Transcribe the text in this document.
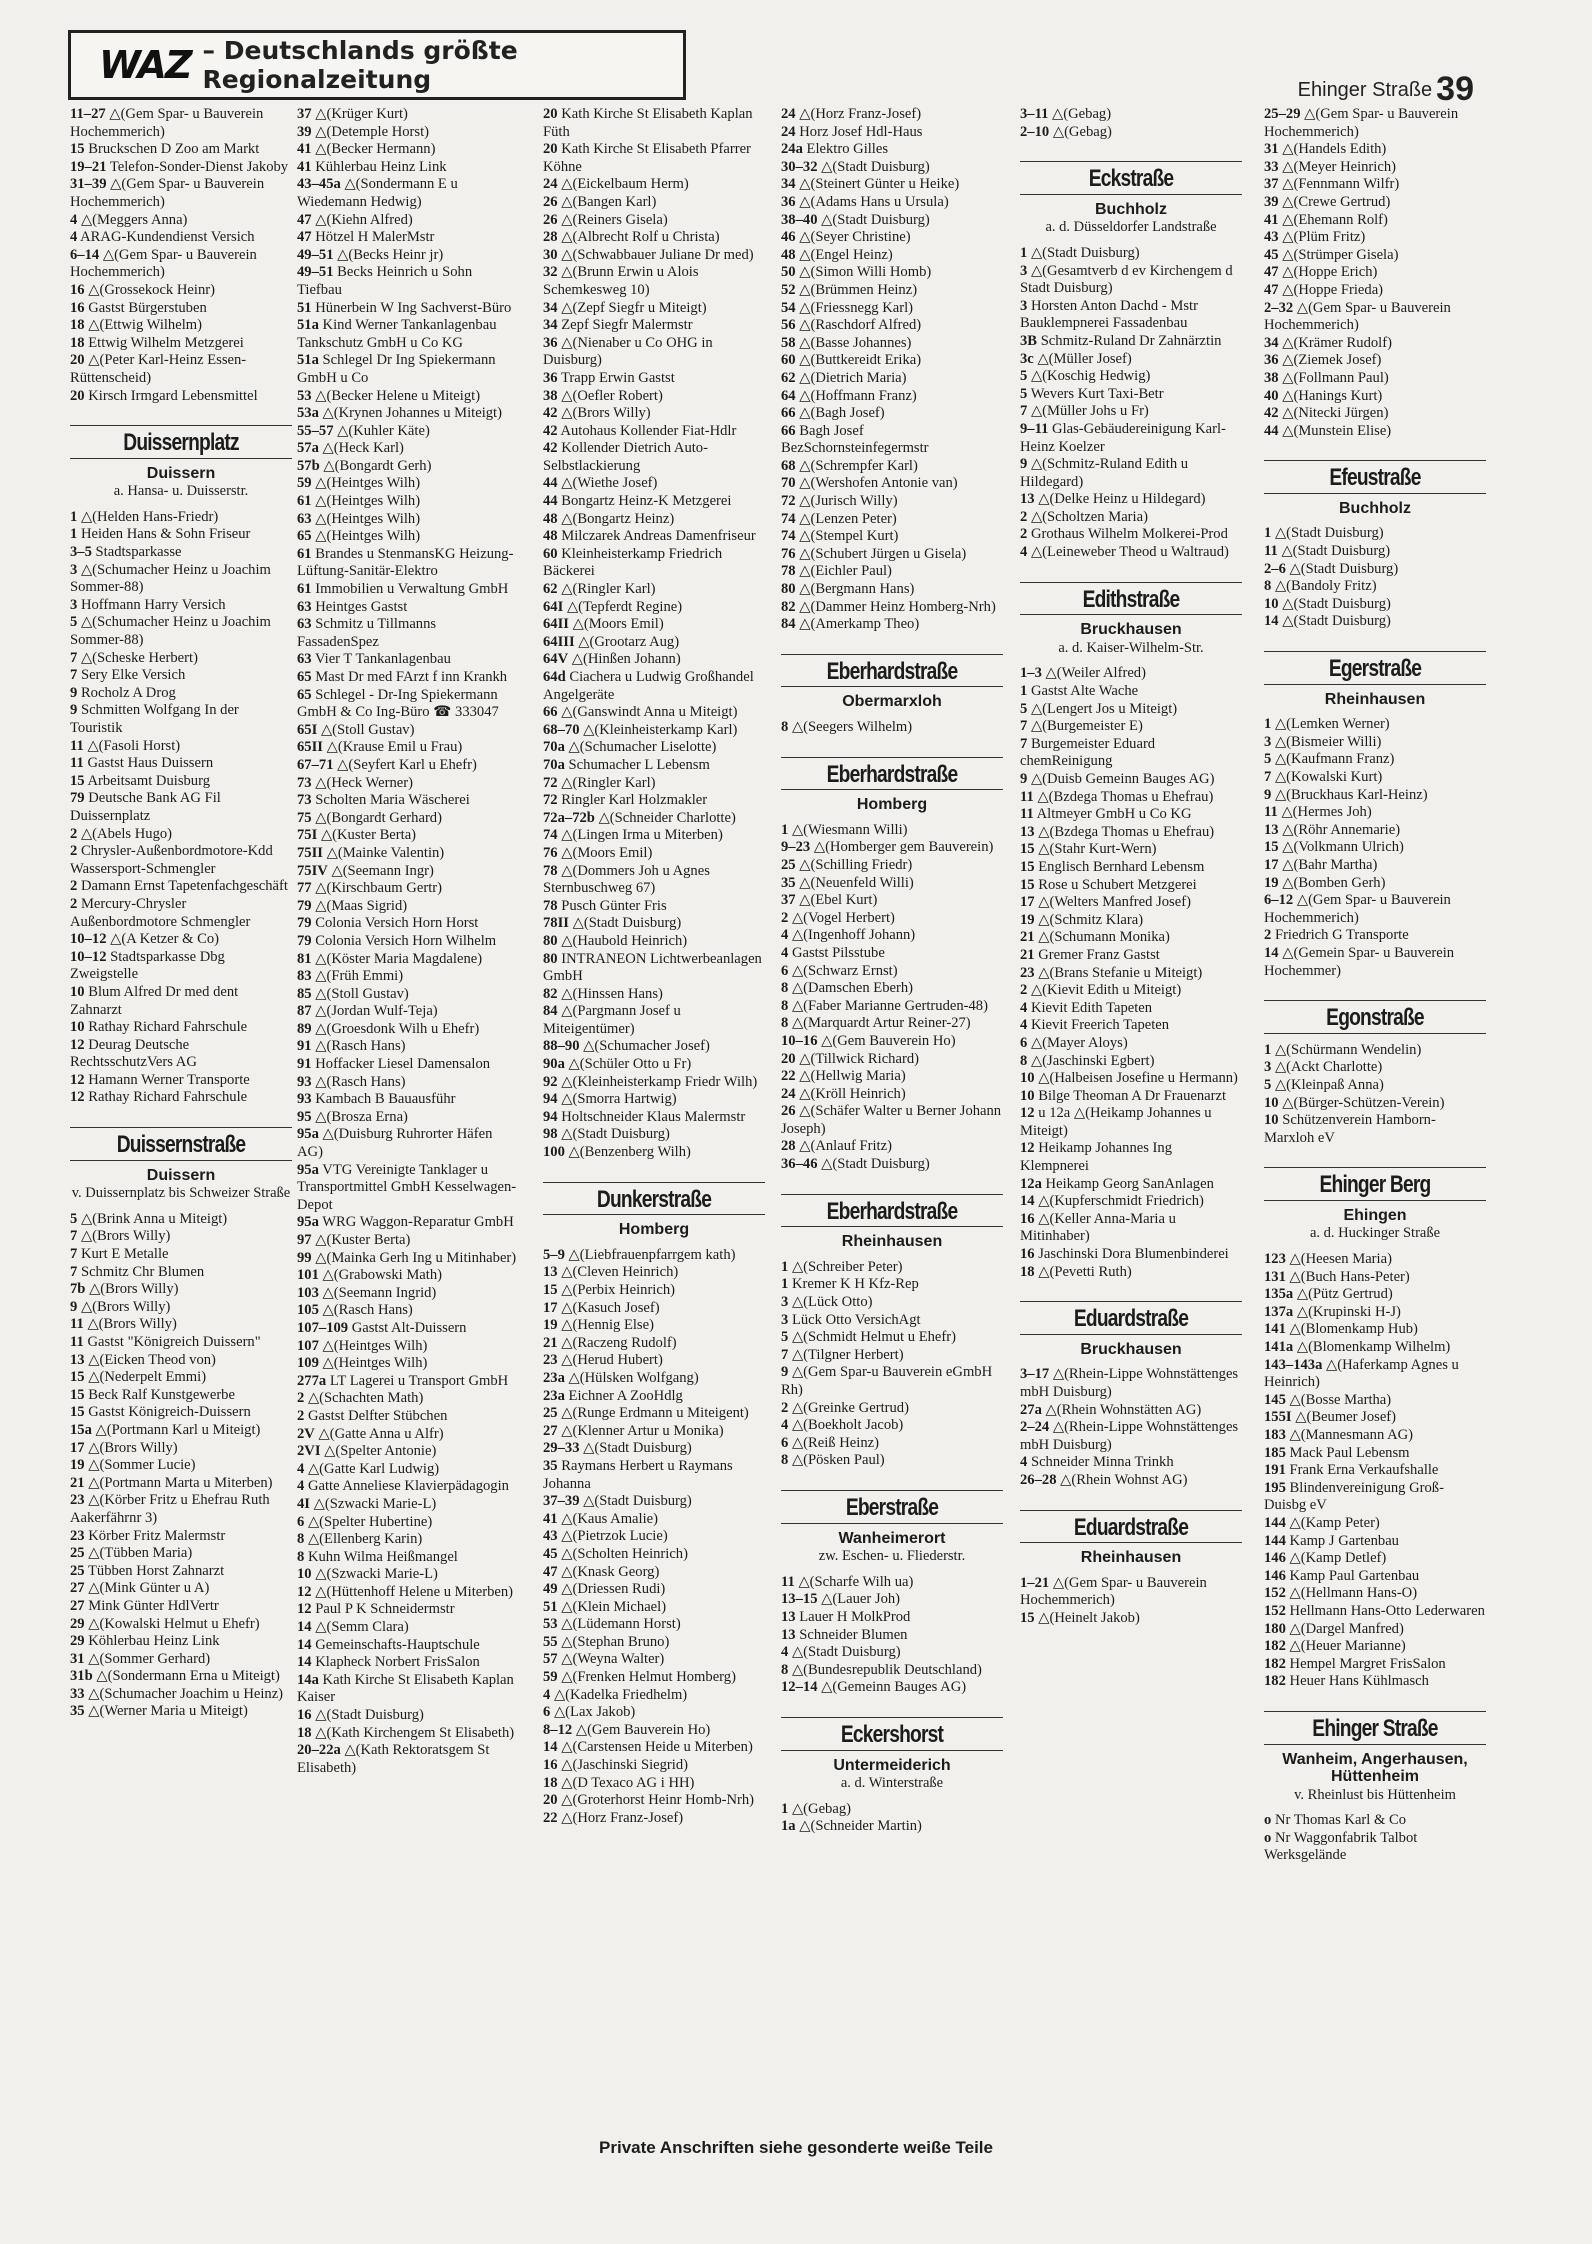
WAZ – Deutschlands größte Regionalzeitung	Ehinger Straße 39

11–27 △(Gem Spar- u Bauverein Hochemmerich)

15 Bruckschen D Zoo am Markt

19–21 Telefon-Sonder-Dienst Jakoby

31–39 △(Gem Spar- u Bauverein Hochemmerich)

4 △(Meggers Anna)

4 ARAG-Kundendienst Versich

6–14 △(Gem Spar- u Bauverein Hochemmerich)

16 △(Grossekock Heinr)

16 Gastst Bürgerstuben

18 △(Ettwig Wilhelm)

18 Ettwig Wilhelm Metzgerei

20 △(Peter Karl-Heinz Essen-Rüttenscheid)

20 Kirsch Irmgard Lebensmittel

Duissernplatz
Duissern
a. Hansa- u. Duisserstr.

1 △(Helden Hans-Friedr)

1 Heiden Hans & Sohn Friseur

3–5 Stadtsparkasse

3 △(Schumacher Heinz u Joachim Sommer-88)

3 Hoffmann Harry Versich

5 △(Schumacher Heinz u Joachim Sommer-88)

7 △(Scheske Herbert)

7 Sery Elke Versich

9 Rocholz A Drog

9 Schmitten Wolfgang In der Touristik

11 △(Fasoli Horst)

11 Gastst Haus Duissern

15 Arbeitsamt Duisburg

79 Deutsche Bank AG Fil Duissernplatz

2 △(Abels Hugo)

2 Chrysler-Außenbordmotore-Kdd Wassersport-Schmengler

2 Damann Ernst Tapetenfachgeschäft

2 Mercury-Chrysler Außenbordmotore Schmengler

10–12 △(A Ketzer & Co)

10–12 Stadtsparkasse Dbg Zweigstelle

10 Blum Alfred Dr med dent Zahnarzt

10 Rathay Richard Fahrschule

12 Deurag Deutsche RechtsschutzVers AG

12 Hamann Werner Transporte

12 Rathay Richard Fahrschule

Duissernstraße
Duissern
v. Duissernplatz bis Schweizer Straße

5 △(Brink Anna u Miteigt)

7 △(Brors Willy)

7 Kurt E Metalle

7 Schmitz Chr Blumen

7b △(Brors Willy)

9 △(Brors Willy)

11 △(Brors Willy)

11 Gastst "Königreich Duissern"

13 △(Eicken Theod von)

15 △(Nederpelt Emmi)

15 Beck Ralf Kunstgewerbe

15 Gastst Königreich-Duissern

15a △(Portmann Karl u Miteigt)

17 △(Brors Willy)

19 △(Sommer Lucie)

21 △(Portmann Marta u Miterben)

23 △(Körber Fritz u Ehefrau Ruth Aakerfährnr 3)

23 Körber Fritz Malermstr

25 △(Tübben Maria)

25 Tübben Horst Zahnarzt

27 △(Mink Günter u A)

27 Mink Günter HdlVertr

29 △(Kowalski Helmut u Ehefr)

29 Köhlerbau Heinz Link

31 △(Sommer Gerhard)

31b △(Sondermann Erna u Miteigt)

33 △(Schumacher Joachim u Heinz)

35 △(Werner Maria u Miteigt)

37 △(Krüger Kurt)

39 △(Detemple Horst)

41 △(Becker Hermann)

41 Kühlerbau Heinz Link

43–45a △(Sondermann E u Wiedemann Hedwig)

47 △(Kiehn Alfred)

47 Hötzel H MalerMstr

49–51 △(Becks Heinr jr)

49–51 Becks Heinrich u Sohn Tiefbau

51 Hünerbein W Ing Sachverst-Büro

51a Kind Werner Tankanlagenbau Tankschutz GmbH u Co KG

51a Schlegel Dr Ing Spiekermann GmbH u Co

53 △(Becker Helene u Miteigt)

53a △(Krynen Johannes u Miteigt)

55–57 △(Kuhler Käte)

57a △(Heck Karl)

57b △(Bongardt Gerh)

59 △(Heintges Wilh)

61 △(Heintges Wilh)

63 △(Heintges Wilh)

65 △(Heintges Wilh)

61 Brandes u StenmansKG Heizung-Lüftung-Sanitär-Elektro

61 Immobilien u Verwaltung GmbH

63 Heintges Gastst

63 Schmitz u Tillmanns FassadenSpez

63 Vier T Tankanlagenbau

65 Mast Dr med FArzt f inn Krankh

65 Schlegel - Dr-Ing Spiekermann GmbH & Co Ing-Büro ☎ 333047

65I △(Stoll Gustav)

65II △(Krause Emil u Frau)

67–71 △(Seyfert Karl u Ehefr)

73 △(Heck Werner)

73 Scholten Maria Wäscherei

75 △(Bongardt Gerhard)

75I △(Kuster Berta)

75II △(Mainke Valentin)

75IV △(Seemann Ingr)

77 △(Kirschbaum Gertr)

79 △(Maas Sigrid)

79 Colonia Versich Horn Horst

79 Colonia Versich Horn Wilhelm

81 △(Köster Maria Magdalene)

83 △(Früh Emmi)

85 △(Stoll Gustav)

87 △(Jordan Wulf-Teja)

89 △(Groesdonk Wilh u Ehefr)

91 △(Rasch Hans)

91 Hoffacker Liesel Damensalon

93 △(Rasch Hans)

93 Kambach B Bauausführ

95 △(Brosza Erna)

95a △(Duisburg Ruhrorter Häfen AG)

95a VTG Vereinigte Tanklager u Transportmittel GmbH Kesselwagen-Depot

95a WRG Waggon-Reparatur GmbH

97 △(Kuster Berta)

99 △(Mainka Gerh Ing u Mitinhaber)

101 △(Grabowski Math)

103 △(Seemann Ingrid)

105 △(Rasch Hans)

107–109 Gastst Alt-Duissern

107 △(Heintges Wilh)

109 △(Heintges Wilh)

277a LT Lagerei u Transport GmbH

2 △(Schachten Math)

2 Gastst Delfter Stübchen

2V △(Gatte Anna u Alfr)

2VI △(Spelter Antonie)

4 △(Gatte Karl Ludwig)

4 Gatte Anneliese Klavierpädagogin

4I △(Szwacki Marie-L)

6 △(Spelter Hubertine)

8 △(Ellenberg Karin)

8 Kuhn Wilma Heißmangel

10 △(Szwacki Marie-L)

12 △(Hüttenhoff Helene u Miterben)

12 Paul P K Schneidermstr

14 △(Semm Clara)

14 Gemeinschafts-Hauptschule

14 Klapheck Norbert FrisSalon

14a Kath Kirche St Elisabeth Kaplan Kaiser

16 △(Stadt Duisburg)

18 △(Kath Kirchengem St Elisabeth)

20–22a △(Kath Rektoratsgem St Elisabeth)

20 Kath Kirche St Elisabeth Kaplan Füth

20 Kath Kirche St Elisabeth Pfarrer Köhne

24 △(Eickelbaum Herm)

26 △(Bangen Karl)

26 △(Reiners Gisela)

28 △(Albrecht Rolf u Christa)

30 △(Schwabbauer Juliane Dr med)

32 △(Brunn Erwin u Alois Schemkesweg 10)

34 △(Zepf Siegfr u Miteigt)

34 Zepf Siegfr Malermstr

36 △(Nienaber u Co OHG in Duisburg)

36 Trapp Erwin Gastst

38 △(Oefler Robert)

42 △(Brors Willy)

42 Autohaus Kollender Fiat-Hdlr

42 Kollender Dietrich Auto-Selbstlackierung

44 △(Wiethe Josef)

44 Bongartz Heinz-K Metzgerei

48 △(Bongartz Heinz)

48 Milczarek Andreas Damenfriseur

60 Kleinheisterkamp Friedrich Bäckerei

62 △(Ringler Karl)

64I △(Tepferdt Regine)

64II △(Moors Emil)

64III △(Grootarz Aug)

64V △(Hinßen Johann)

64d Ciachera u Ludwig Großhandel Angelgeräte

66 △(Ganswindt Anna u Miteigt)

68–70 △(Kleinheisterkamp Karl)

70a △(Schumacher Liselotte)

70a Schumacher L Lebensm

72 △(Ringler Karl)

72 Ringler Karl Holzmakler

72a–72b △(Schneider Charlotte)

74 △(Lingen Irma u Miterben)

76 △(Moors Emil)

78 △(Dommers Joh u Agnes Sternbuschweg 67)

78 Pusch Günter Fris

78II △(Stadt Duisburg)

80 △(Haubold Heinrich)

80 INTRANEON Lichtwerbeanlagen GmbH

82 △(Hinssen Hans)

84 △(Pargmann Josef u Miteigentümer)

88–90 △(Schumacher Josef)

90a △(Schüler Otto u Fr)

92 △(Kleinheisterkamp Friedr Wilh)

94 △(Smorra Hartwig)

94 Holtschneider Klaus Malermstr

98 △(Stadt Duisburg)

100 △(Benzenberg Wilh)

Dunkerstraße
Homberg

5–9 △(Liebfrauenpfarrgem kath)

13 △(Cleven Heinrich)

15 △(Perbix Heinrich)

17 △(Kasuch Josef)

19 △(Hennig Else)

21 △(Raczeng Rudolf)

23 △(Herud Hubert)

23a △(Hülsken Wolfgang)

23a Eichner A ZooHdlg

25 △(Runge Erdmann u Miteigent)

27 △(Klenner Artur u Monika)

29–33 △(Stadt Duisburg)

35 Raymans Herbert u Raymans Johanna

37–39 △(Stadt Duisburg)

41 △(Kaus Amalie)

43 △(Pietrzok Lucie)

45 △(Scholten Heinrich)

47 △(Knask Georg)

49 △(Driessen Rudi)

51 △(Klein Michael)

53 △(Lüdemann Horst)

55 △(Stephan Bruno)

57 △(Weyna Walter)

59 △(Frenken Helmut Homberg)

4 △(Kadelka Friedhelm)

6 △(Lax Jakob)

8–12 △(Gem Bauverein Ho)

14 △(Carstensen Heide u Miterben)

16 △(Jaschinski Siegrid)

18 △(D Texaco AG i HH)

20 △(Groterhorst Heinr Homb-Nrh)

22 △(Horz Franz-Josef)

24 △(Horz Franz-Josef)

24 Horz Josef Hdl-Haus

24a Elektro Gilles

30–32 △(Stadt Duisburg)

34 △(Steinert Günter u Heike)

36 △(Adams Hans u Ursula)

38–40 △(Stadt Duisburg)

46 △(Seyer Christine)

48 △(Engel Heinz)

50 △(Simon Willi Homb)

52 △(Brümmen Heinz)

54 △(Friessnegg Karl)

56 △(Raschdorf Alfred)

58 △(Basse Johannes)

60 △(Buttkereidt Erika)

62 △(Dietrich Maria)

64 △(Hoffmann Franz)

66 △(Bagh Josef)

66 Bagh Josef BezSchornsteinfegermstr

68 △(Schrempfer Karl)

70 △(Wershofen Antonie van)

72 △(Jurisch Willy)

74 △(Lenzen Peter)

74 △(Stempel Kurt)

76 △(Schubert Jürgen u Gisela)

78 △(Eichler Paul)

80 △(Bergmann Hans)

82 △(Dammer Heinz Homberg-Nrh)

84 △(Amerkamp Theo)

Eberhardstraße
Obermarxloh

8 △(Seegers Wilhelm)

Eberhardstraße
Homberg

1 △(Wiesmann Willi)

9–23 △(Homberger gem Bauverein)

25 △(Schilling Friedr)

35 △(Neuenfeld Willi)

37 △(Ebel Kurt)

2 △(Vogel Herbert)

4 △(Ingenhoff Johann)

4 Gastst Pilsstube

6 △(Schwarz Ernst)

8 △(Damschen Eberh)

8 △(Faber Marianne Gertruden-48)

8 △(Marquardt Artur Reiner-27)

10–16 △(Gem Bauverein Ho)

20 △(Tillwick Richard)

22 △(Hellwig Maria)

24 △(Kröll Heinrich)

26 △(Schäfer Walter u Berner Johann Joseph)

28 △(Anlauf Fritz)

36–46 △(Stadt Duisburg)

Eberhardstraße
Rheinhausen

1 △(Schreiber Peter)

1 Kremer K H Kfz-Rep

3 △(Lück Otto)

3 Lück Otto VersichAgt

5 △(Schmidt Helmut u Ehefr)

7 △(Tilgner Herbert)

9 △(Gem Spar-u Bauverein eGmbH Rh)

2 △(Greinke Gertrud)

4 △(Boekholt Jacob)

6 △(Reiß Heinz)

8 △(Pösken Paul)

Eberstraße
Wanheimerort
zw. Eschen- u. Fliederstr.

11 △(Scharfe Wilh ua)

13–15 △(Lauer Joh)

13 Lauer H MolkProd

13 Schneider Blumen

4 △(Stadt Duisburg)

8 △(Bundesrepublik Deutschland)

12–14 △(Gemeinn Bauges AG)

Eckershorst
Untermeiderich
a. d. Winterstraße

1 △(Gebag)

1a △(Schneider Martin)

3–11 △(Gebag)

2–10 △(Gebag)

Eckstraße
Buchholz
a. d. Düsseldorfer Landstraße

1 △(Stadt Duisburg)

3 △(Gesamtverb d ev Kirchengem d Stadt Duisburg)

3 Horsten Anton Dachd - Mstr Bauklempnerei Fassadenbau

3B Schmitz-Ruland Dr Zahnärztin

3c △(Müller Josef)

5 △(Koschig Hedwig)

5 Wevers Kurt Taxi-Betr

7 △(Müller Johs u Fr)

9–11 Glas-Gebäudereinigung Karl-Heinz Koelzer

9 △(Schmitz-Ruland Edith u Hildegard)

13 △(Delke Heinz u Hildegard)

2 △(Scholtzen Maria)

2 Grothaus Wilhelm Molkerei-Prod

4 △(Leineweber Theod u Waltraud)

Edithstraße
Bruckhausen
a. d. Kaiser-Wilhelm-Str.

1–3 △(Weiler Alfred)

1 Gastst Alte Wache

5 △(Lengert Jos u Miteigt)

7 △(Burgemeister E)

7 Burgemeister Eduard chemReinigung

9 △(Duisb Gemeinn Bauges AG)

11 △(Bzdega Thomas u Ehefrau)

11 Altmeyer GmbH u Co KG

13 △(Bzdega Thomas u Ehefrau)

15 △(Stahr Kurt-Wern)

15 Englisch Bernhard Lebensm

15 Rose u Schubert Metzgerei

17 △(Welters Manfred Josef)

19 △(Schmitz Klara)

21 △(Schumann Monika)

21 Gremer Franz Gastst

23 △(Brans Stefanie u Miteigt)

2 △(Kievit Edith u Miteigt)

4 Kievit Edith Tapeten

4 Kievit Freerich Tapeten

6 △(Mayer Aloys)

8 △(Jaschinski Egbert)

10 △(Halbeisen Josefine u Hermann)

10 Bilge Theoman A Dr Frauenarzt

12 u 12a △(Heikamp Johannes u Miteigt)

12 Heikamp Johannes Ing Klempnerei

12a Heikamp Georg SanAnlagen

14 △(Kupferschmidt Friedrich)

16 △(Keller Anna-Maria u Mitinhaber)

16 Jaschinski Dora Blumenbinderei

18 △(Pevetti Ruth)

Eduardstraße
Bruckhausen

3–17 △(Rhein-Lippe Wohnstättenges mbH Duisburg)

27a △(Rhein Wohnstätten AG)

2–24 △(Rhein-Lippe Wohnstättenges mbH Duisburg)

4 Schneider Minna Trinkh

26–28 △(Rhein Wohnst AG)

Eduardstraße
Rheinhausen

1–21 △(Gem Spar- u Bauverein Hochemmerich)

15 △(Heinelt Jakob)

25–29 △(Gem Spar- u Bauverein Hochemmerich)

31 △(Handels Edith)

33 △(Meyer Heinrich)

37 △(Fennmann Wilfr)

39 △(Crewe Gertrud)

41 △(Ehemann Rolf)

43 △(Plüm Fritz)

45 △(Strümper Gisela)

47 △(Hoppe Erich)

47 △(Hoppe Frieda)

2–32 △(Gem Spar- u Bauverein Hochemmerich)

34 △(Krämer Rudolf)

36 △(Ziemek Josef)

38 △(Follmann Paul)

40 △(Hanings Kurt)

42 △(Nitecki Jürgen)

44 △(Munstein Elise)

Efeustraße
Buchholz

1 △(Stadt Duisburg)

11 △(Stadt Duisburg)

2–6 △(Stadt Duisburg)

8 △(Bandoly Fritz)

10 △(Stadt Duisburg)

14 △(Stadt Duisburg)

Egerstraße
Rheinhausen

1 △(Lemken Werner)

3 △(Bismeier Willi)

5 △(Kaufmann Franz)

7 △(Kowalski Kurt)

9 △(Bruckhaus Karl-Heinz)

11 △(Hermes Joh)

13 △(Röhr Annemarie)

15 △(Volkmann Ulrich)

17 △(Bahr Martha)

19 △(Bomben Gerh)

6–12 △(Gem Spar- u Bauverein Hochemmerich)

2 Friedrich G Transporte

14 △(Gemein Spar- u Bauverein Hochemmer)

Egonstraße

1 △(Schürmann Wendelin)

3 △(Ackt Charlotte)

5 △(Kleinpaß Anna)

10 △(Bürger-Schützen-Verein)

10 Schützenverein Hamborn-Marxloh eV

Ehinger Berg
Ehingen
a. d. Huckinger Straße

123 △(Heesen Maria)

131 △(Buch Hans-Peter)

135a △(Pütz Gertrud)

137a △(Krupinski H-J)

141 △(Blomenkamp Hub)

141a △(Blomenkamp Wilhelm)

143–143a △(Haferkamp Agnes u Heinrich)

145 △(Bosse Martha)

155I △(Beumer Josef)

183 △(Mannesmann AG)

185 Mack Paul Lebensm

191 Frank Erna Verkaufshalle

195 Blindenvereinigung Groß-Duisbg eV

144 △(Kamp Peter)

144 Kamp J Gartenbau

146 △(Kamp Detlef)

146 Kamp Paul Gartenbau

152 △(Hellmann Hans-O)

152 Hellmann Hans-Otto Lederwaren

180 △(Dargel Manfred)

182 △(Heuer Marianne)

182 Hempel Margret FrisSalon

182 Heuer Hans Kühlmasch

Ehinger Straße
Wanheim, Angerhausen, Hüttenheim
v. Rheinlust bis Hüttenheim

o Nr Thomas Karl & Co

o Nr Waggonfabrik Talbot Werksgelände

Private Anschriften siehe gesonderte weiße Teile
